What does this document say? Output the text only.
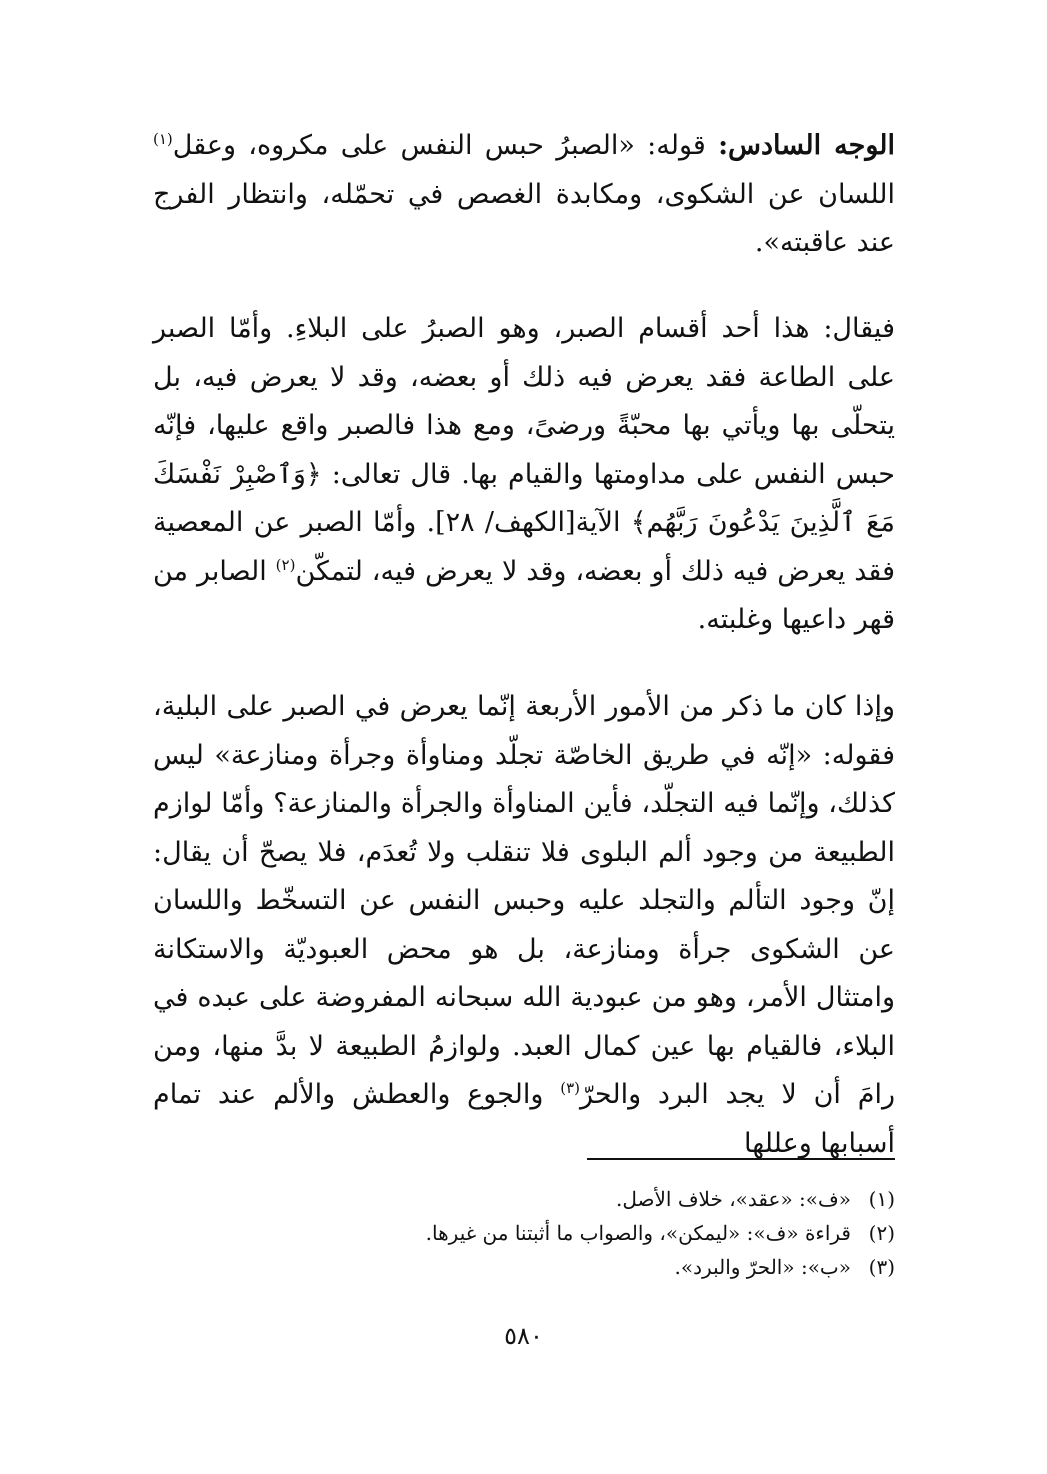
الوجه السادس: قوله: «الصبرُ حبس النفس على مكروه، وعقل$^{(١)}$ اللسان عن الشكوى، ومكابدة الغصص في تحمّله، وانتظار الفرج عند عاقبته».
فيقال: هذا أحد أقسام الصبر، وهو الصبرُ على البلاءِ. وأمّا الصبر على الطاعة فقد يعرض فيه ذلك أو بعضه، وقد لا يعرض فيه، بل يتحلّى بها ويأتي بها محبّةً ورضىً، ومع هذا فالصبر واقع عليها، فإنّه حبس النفس على مداومتها والقيام بها. قال تعالى: ﴿وَٱصْبِرْ نَفْسَكَ مَعَ ٱلَّذِينَ يَدْعُونَ رَبَّهُم﴾ الآية[الكهف/ ٢٨]. وأمّا الصبر عن المعصية فقد يعرض فيه ذلك أو بعضه، وقد لا يعرض فيه، لتمكّن$^{(٢)}$ الصابر من قهر داعيها وغلبته.
وإذا كان ما ذكر من الأمور الأربعة إنّما يعرض في الصبر على البلية، فقوله: «إنّه في طريق الخاصّة تجلّد ومناوأة وجرأة ومنازعة» ليس كذلك، وإنّما فيه التجلّد، فأين المناوأة والجرأة والمنازعة؟ وأمّا لوازم الطبيعة من وجود ألم البلوى فلا تنقلب ولا تُعدَم، فلا يصحّ أن يقال: إنّ وجود التألم والتجلد عليه وحبس النفس عن التسخّط واللسان عن الشكوى جرأة ومنازعة، بل هو محض العبوديّة والاستكانة وامتثال الأمر، وهو من عبودية الله سبحانه المفروضة على عبده في البلاء، فالقيام بها عين كمال العبد. ولوازمُ الطبيعة لا بدَّ منها، ومن رامَ أن لا يجد البرد والحرّ$^{(٣)}$ والجوع والعطش والألم عند تمام أسبابها وعللها
(١)«ف»: «عقد»، خلاف الأصل.
(٢)قراءة «ف»: «ليمكن»، والصواب ما أثبتنا من غيرها.
(٣)«ب»: «الحرّ والبرد».
٥٨٠
